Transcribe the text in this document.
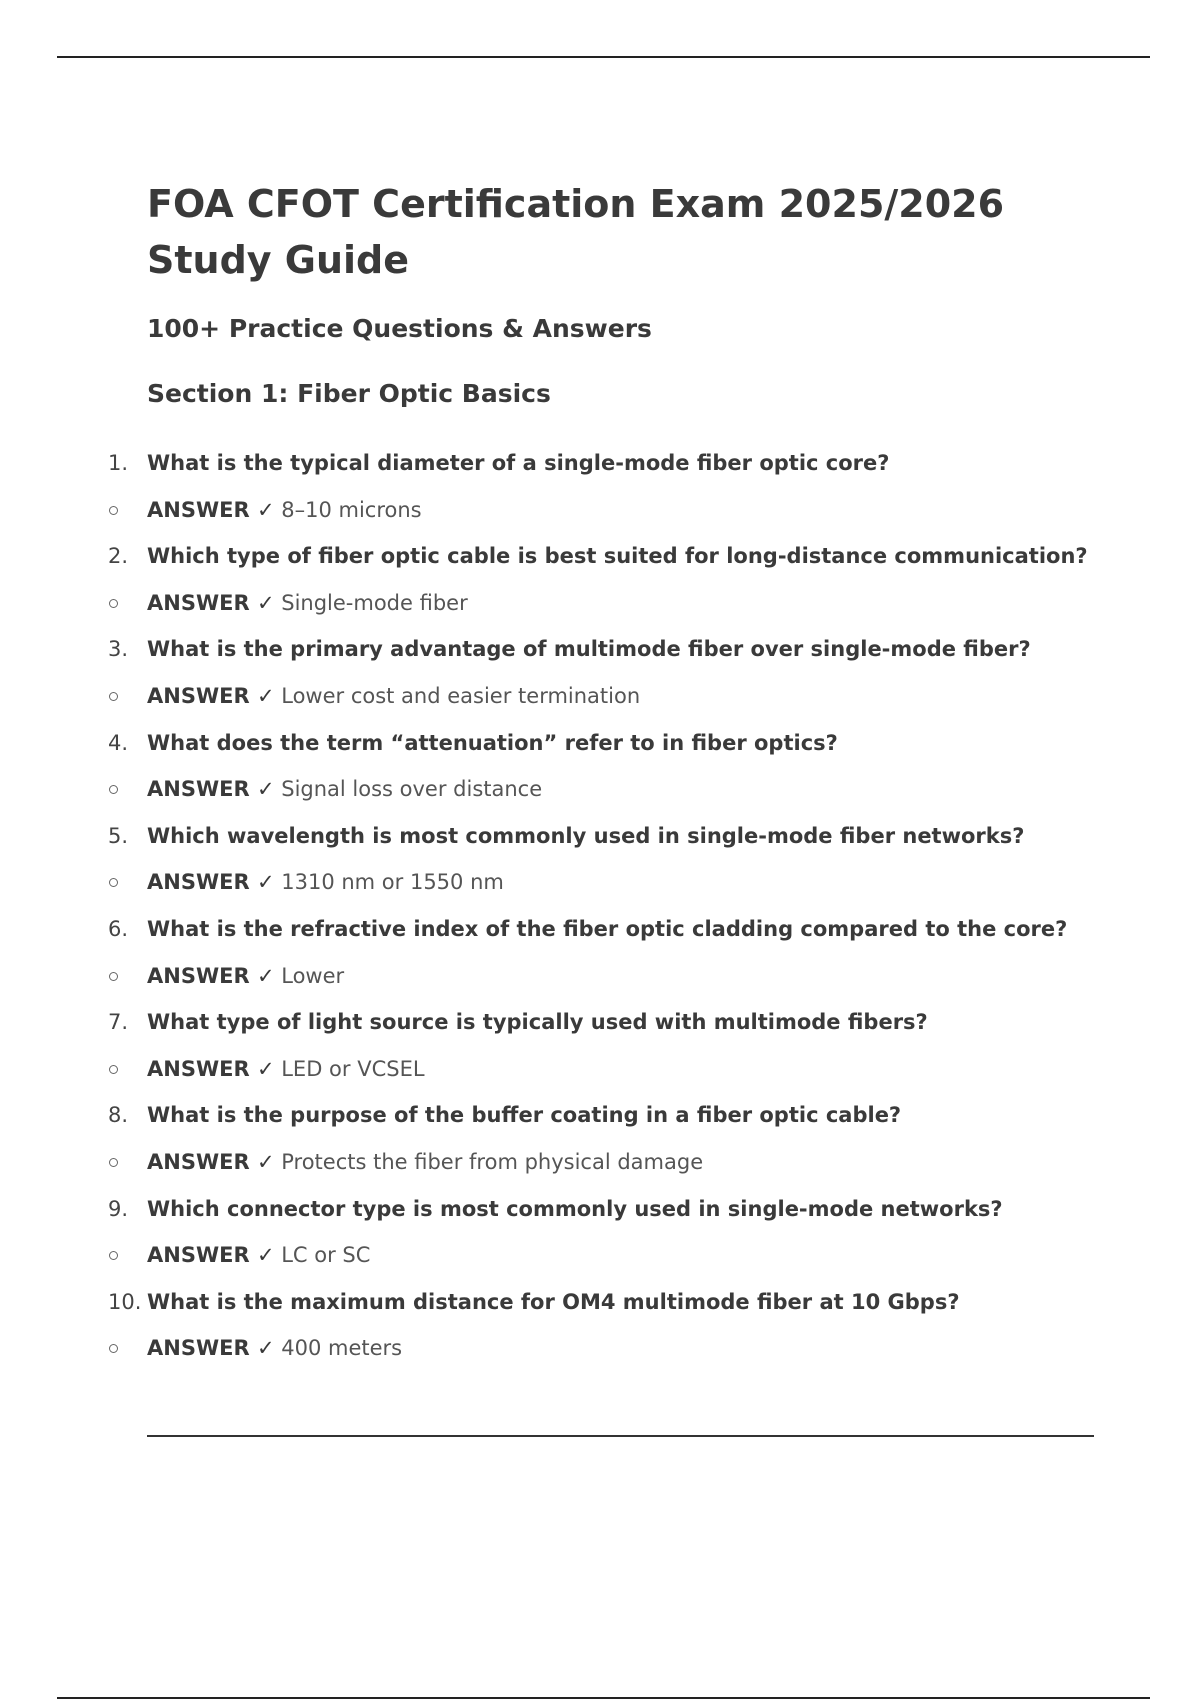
FOA CFOT Certification Exam 2025/2026 Study Guide
100+ Practice Questions & Answers
Section 1: Fiber Optic Basics
1. What is the typical diameter of a single-mode fiber optic core?
ANSWER ✓ 8–10 microns
2. Which type of fiber optic cable is best suited for long-distance communication?
ANSWER ✓ Single-mode fiber
3. What is the primary advantage of multimode fiber over single-mode fiber?
ANSWER ✓ Lower cost and easier termination
4. What does the term “attenuation” refer to in fiber optics?
ANSWER ✓ Signal loss over distance
5. Which wavelength is most commonly used in single-mode fiber networks?
ANSWER ✓ 1310 nm or 1550 nm
6. What is the refractive index of the fiber optic cladding compared to the core?
ANSWER ✓ Lower
7. What type of light source is typically used with multimode fibers?
ANSWER ✓ LED or VCSEL
8. What is the purpose of the buffer coating in a fiber optic cable?
ANSWER ✓ Protects the fiber from physical damage
9. Which connector type is most commonly used in single-mode networks?
ANSWER ✓ LC or SC
10. What is the maximum distance for OM4 multimode fiber at 10 Gbps?
ANSWER ✓ 400 meters
